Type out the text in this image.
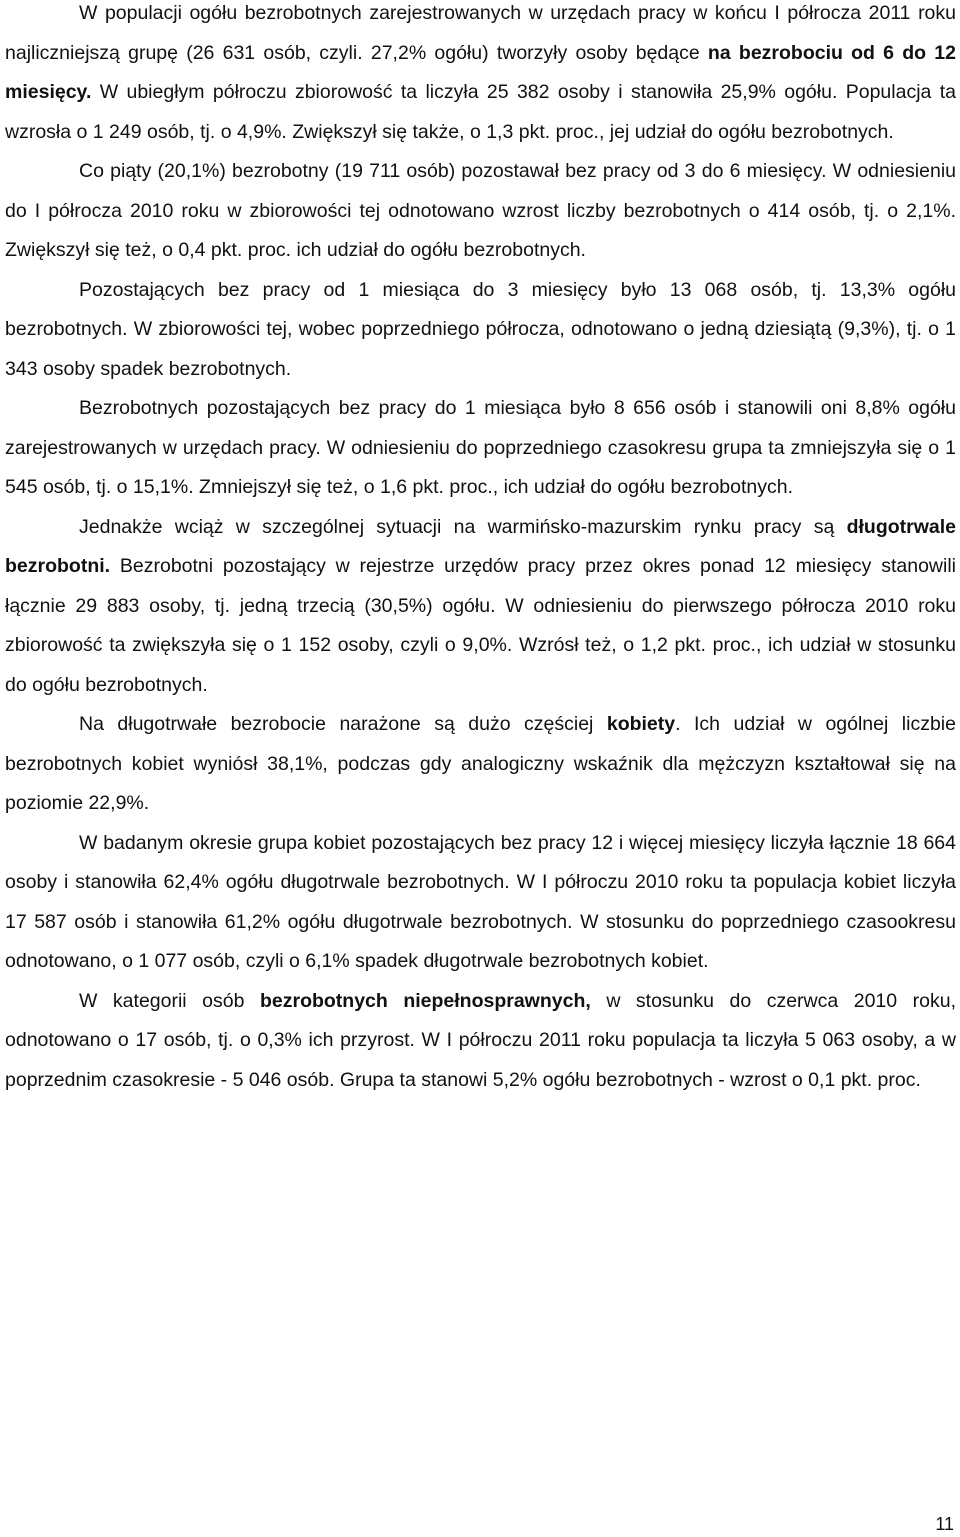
W populacji ogółu bezrobotnych zarejestrowanych w urzędach pracy w końcu I półrocza 2011 roku najliczniejszą grupę (26 631 osób, czyli. 27,2% ogółu) tworzyły osoby będące na bezrobociu od 6 do 12 miesięcy. W ubiegłym półroczu zbiorowość ta liczyła 25 382 osoby i stanowiła 25,9% ogółu. Populacja ta wzrosła o 1 249 osób, tj. o 4,9%. Zwiększył się także, o 1,3 pkt. proc., jej udział do ogółu bezrobotnych.

Co piąty (20,1%) bezrobotny (19 711 osób) pozostawał bez pracy od 3 do 6 miesięcy. W odniesieniu do I półrocza 2010 roku w zbiorowości tej odnotowano wzrost liczby bezrobotnych o 414 osób, tj. o 2,1%. Zwiększył się też, o 0,4 pkt. proc. ich udział do ogółu bezrobotnych.

Pozostających bez pracy od 1 miesiąca do 3 miesięcy było 13 068 osób, tj. 13,3% ogółu bezrobotnych. W zbiorowości tej, wobec poprzedniego półrocza, odnotowano o jedną dziesiątą (9,3%), tj. o 1 343 osoby spadek bezrobotnych.

Bezrobotnych pozostających bez pracy do 1 miesiąca było 8 656 osób i stanowili oni 8,8% ogółu zarejestrowanych w urzędach pracy. W odniesieniu do poprzedniego czasokresu grupa ta zmniejszyła się o 1 545 osób, tj. o 15,1%. Zmniejszył się też, o 1,6 pkt. proc., ich udział do ogółu bezrobotnych.

Jednakże wciąż w szczególnej sytuacji na warmińsko-mazurskim rynku pracy są długotrwale bezrobotni. Bezrobotni pozostający w rejestrze urzędów pracy przez okres ponad 12 miesięcy stanowili łącznie 29 883 osoby, tj. jedną trzecią (30,5%) ogółu. W odniesieniu do pierwszego półrocza 2010 roku zbiorowość ta zwiększyła się o 1 152 osoby, czyli o 9,0%. Wzrósł też, o 1,2 pkt. proc., ich udział w stosunku do ogółu bezrobotnych.

Na długotrwałe bezrobocie narażone są dużo częściej kobiety. Ich udział w ogólnej liczbie bezrobotnych kobiet wyniósł 38,1%, podczas gdy analogiczny wskaźnik dla mężczyzn kształtował się na poziomie 22,9%.

W badanym okresie grupa kobiet pozostających bez pracy 12 i więcej miesięcy liczyła łącznie 18 664 osoby i stanowiła 62,4% ogółu długotrwale bezrobotnych. W I półroczu 2010 roku ta populacja kobiet liczyła 17 587 osób i stanowiła 61,2% ogółu długotrwale bezrobotnych. W stosunku do poprzedniego czasookresu odnotowano, o 1 077 osób, czyli o 6,1% spadek długotrwale bezrobotnych kobiet.

W kategorii osób bezrobotnych niepełnosprawnych, w stosunku do czerwca 2010 roku, odnotowano o 17 osób, tj. o 0,3% ich przyrost. W I półroczu 2011 roku populacja ta liczyła 5 063 osoby, a w poprzednim czasokresie - 5 046 osób. Grupa ta stanowi 5,2% ogółu bezrobotnych - wzrost o 0,1 pkt. proc.

11
